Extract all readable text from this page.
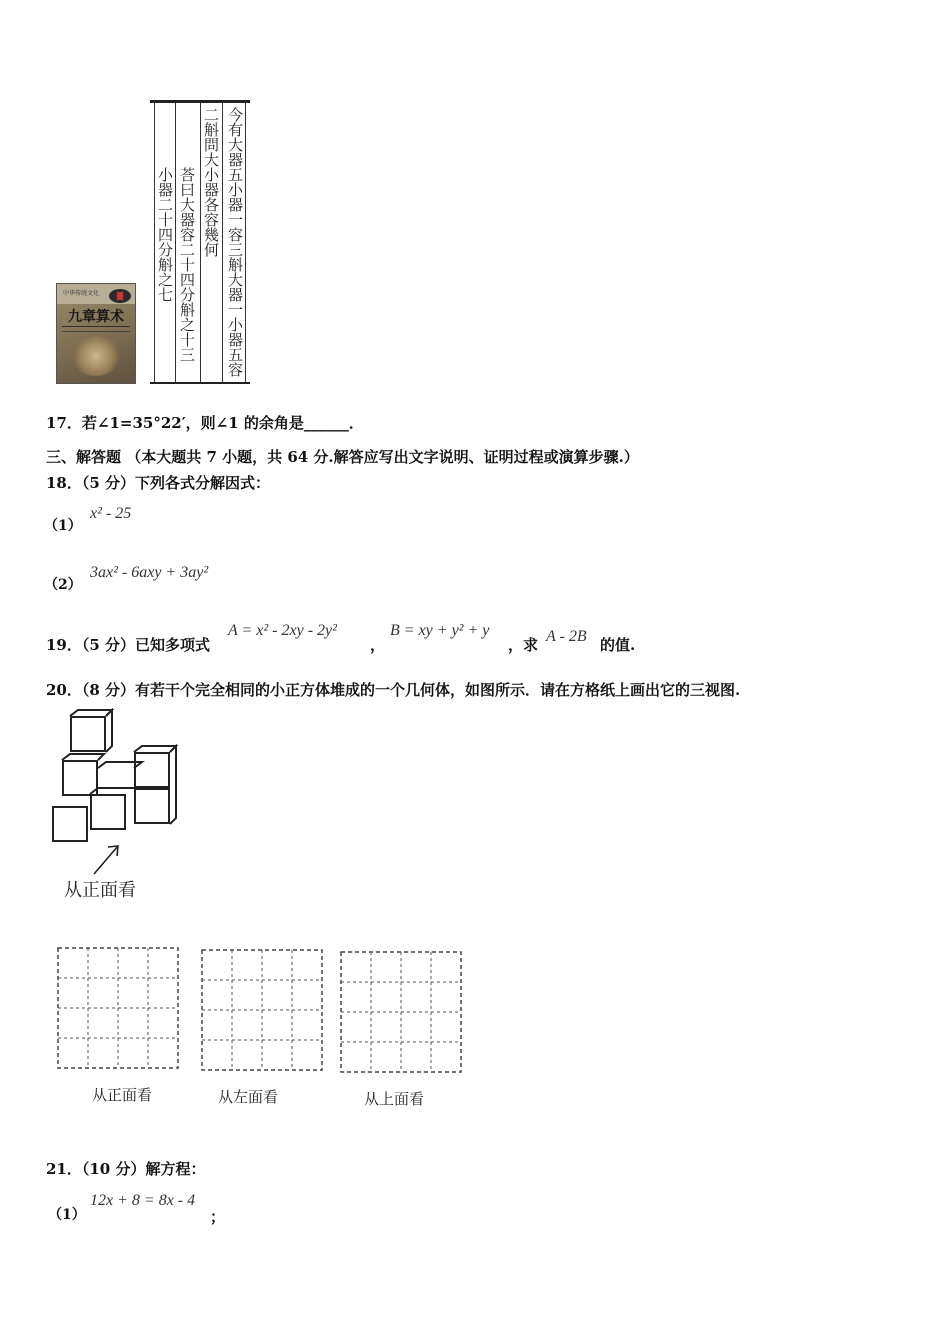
中华传统文化
九章算术	今有大器五小器一容三斛大器一小器五容
二斛問大小器各容幾何
荅曰大器容二十四分斛之十三
小器二十四分斛之七
17．若∠1=35°22′，则∠1 的余角是______．
三、解答题 （本大题共 7 小题，共 64 分.解答应写出文字说明、证明过程或演算步骤.）
18．（5 分）下列各式分解因式：
（1）
x² - 25
（2）
3ax² - 6axy + 3ay²
19．（5 分）已知多项式
A = x² - 2xy - 2y²
，
B = xy + y² + y
，求 A - 2B 的值.
20．（8 分）有若干个完全相同的小正方体堆成的一个几何体，如图所示．请在方格纸上画出它的三视图.
从正面看
从正面看	从左面看	从上面看
21．（10 分）解方程：
（1）
12x + 8 = 8x - 4
；
